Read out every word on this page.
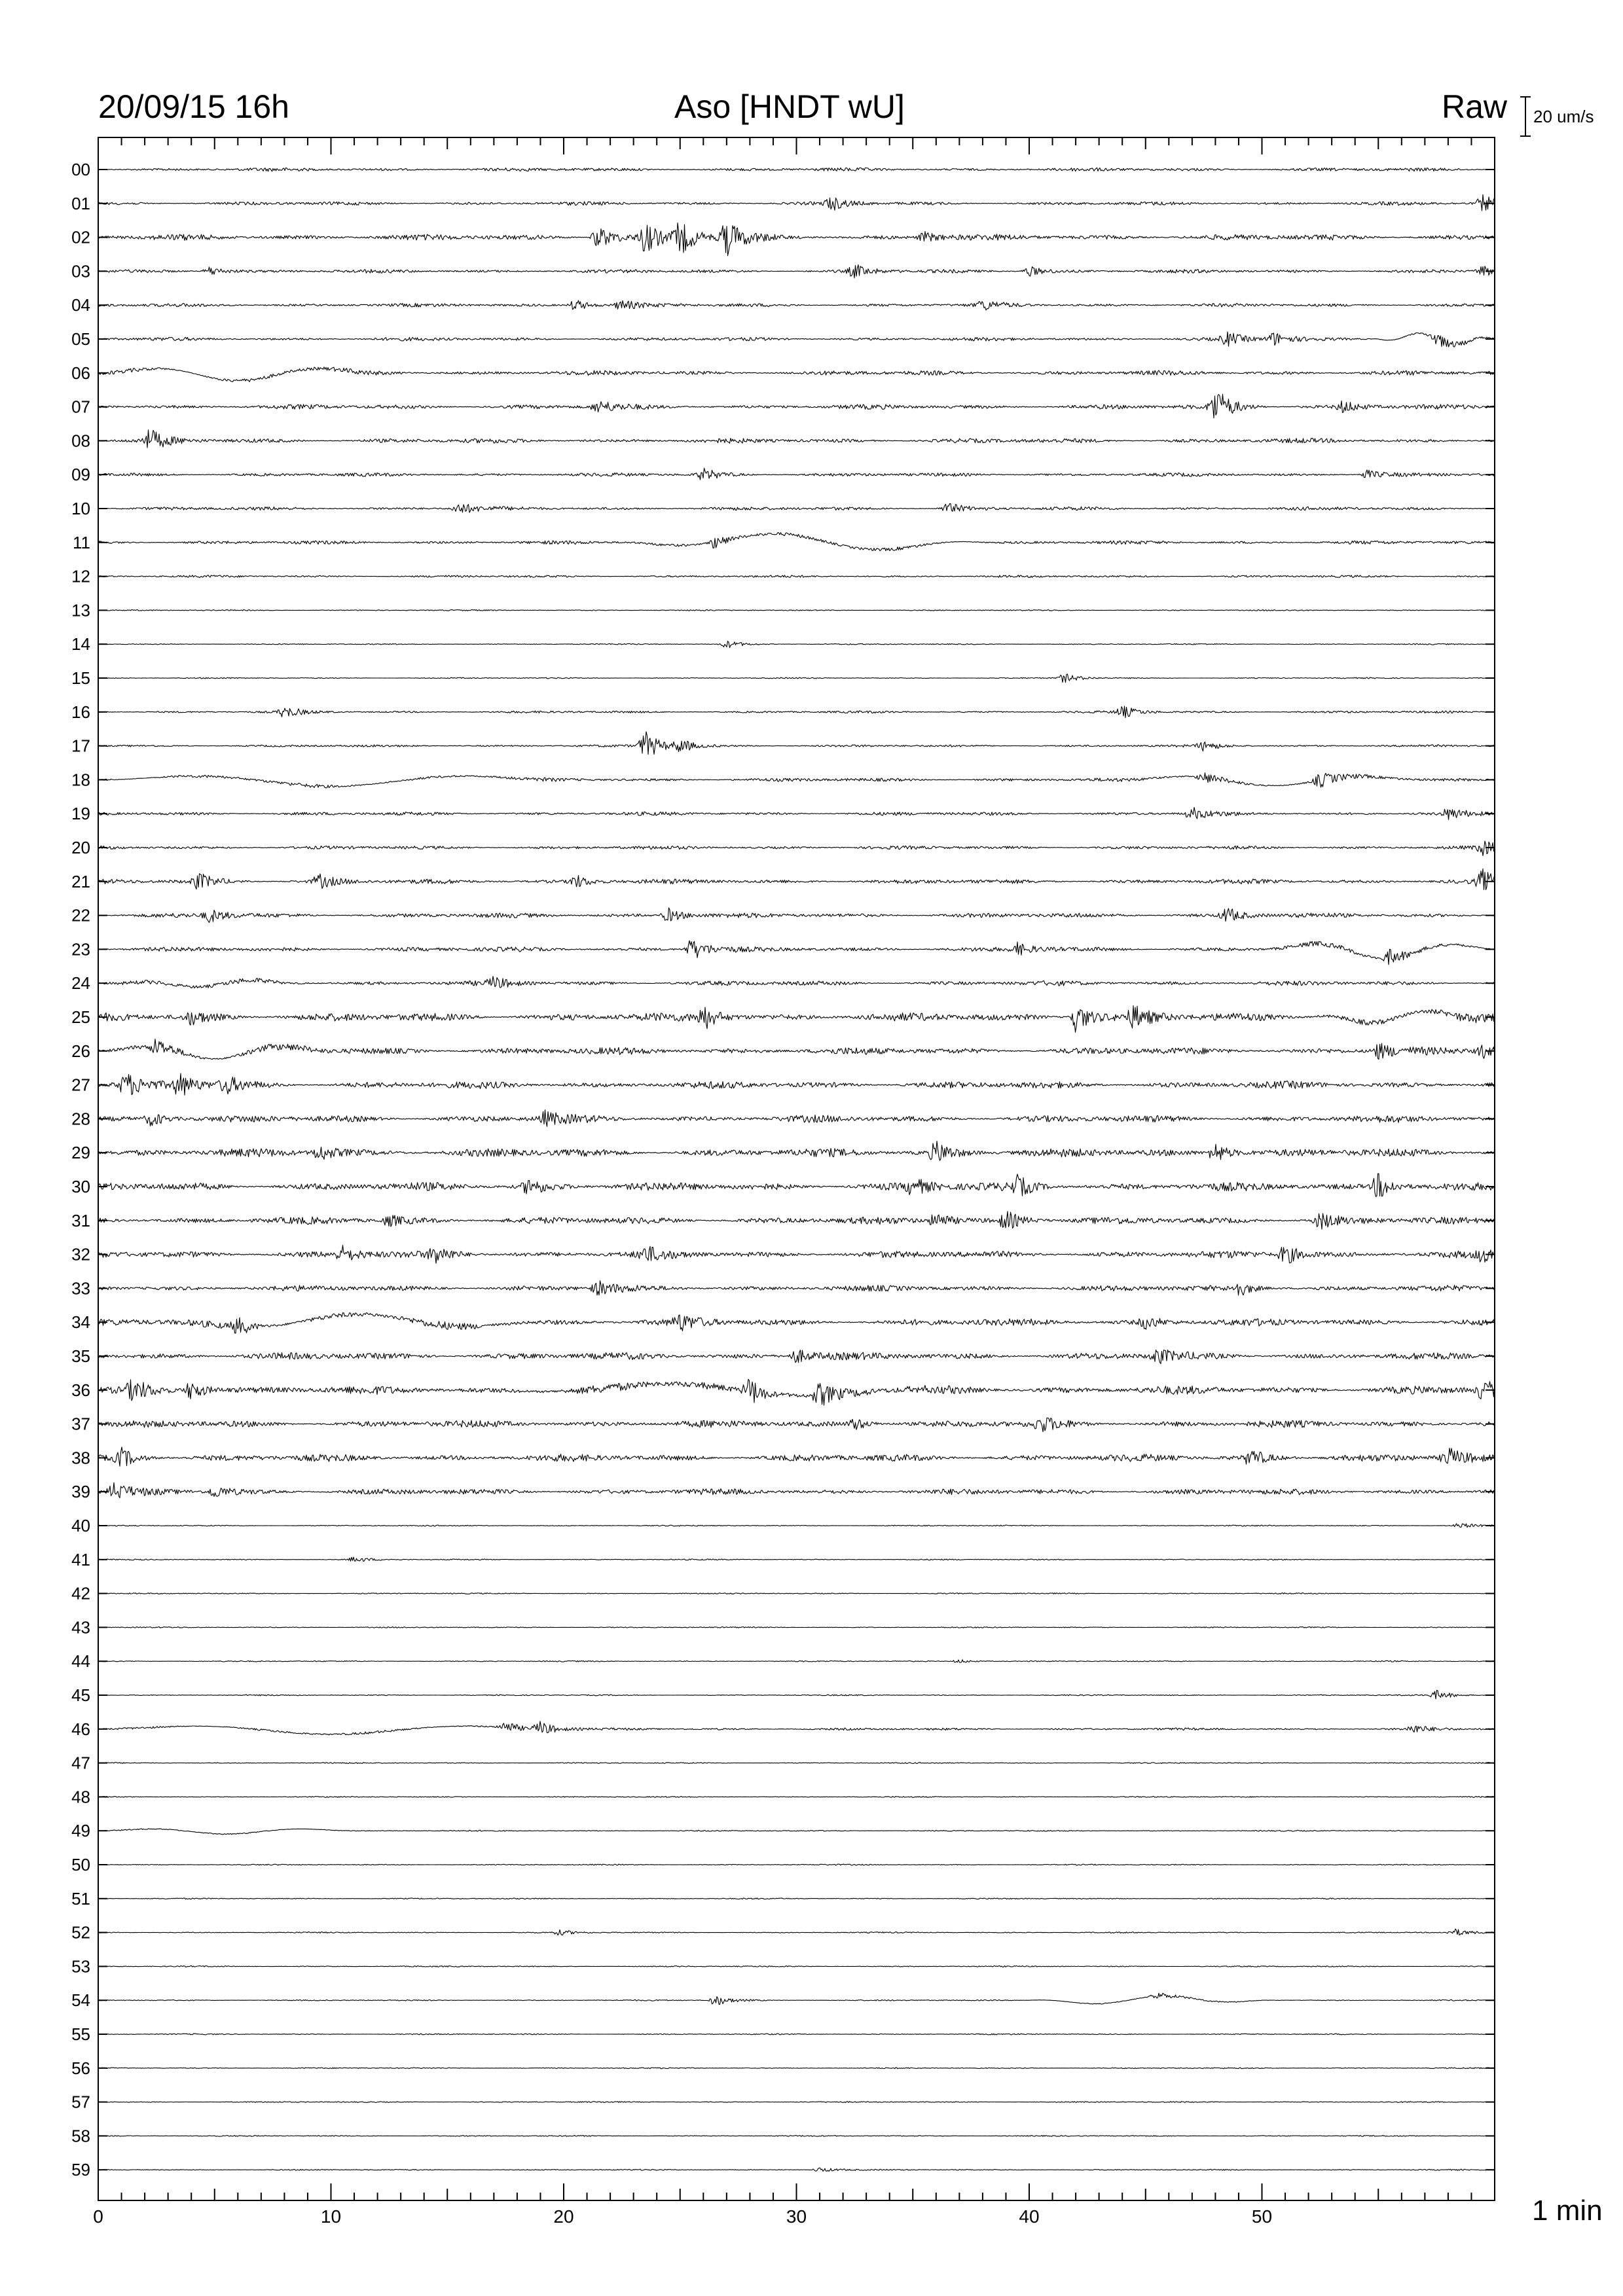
20/09/15 16h	Aso [HNDT wU]	Raw 20 um/s
1 min
0	10	20	30	40	50
00
01
02
03
04
05
06
07
08
09
10
11
12
13
14
15
16
17
18
19
20
21
22
23
24
25
26
27
28
29
30
31
32
33
34
35
36
37
38
39
40
41
42
43
44
45
46
47
48
49
50
51
52
53
54
55
56
57
58
59
